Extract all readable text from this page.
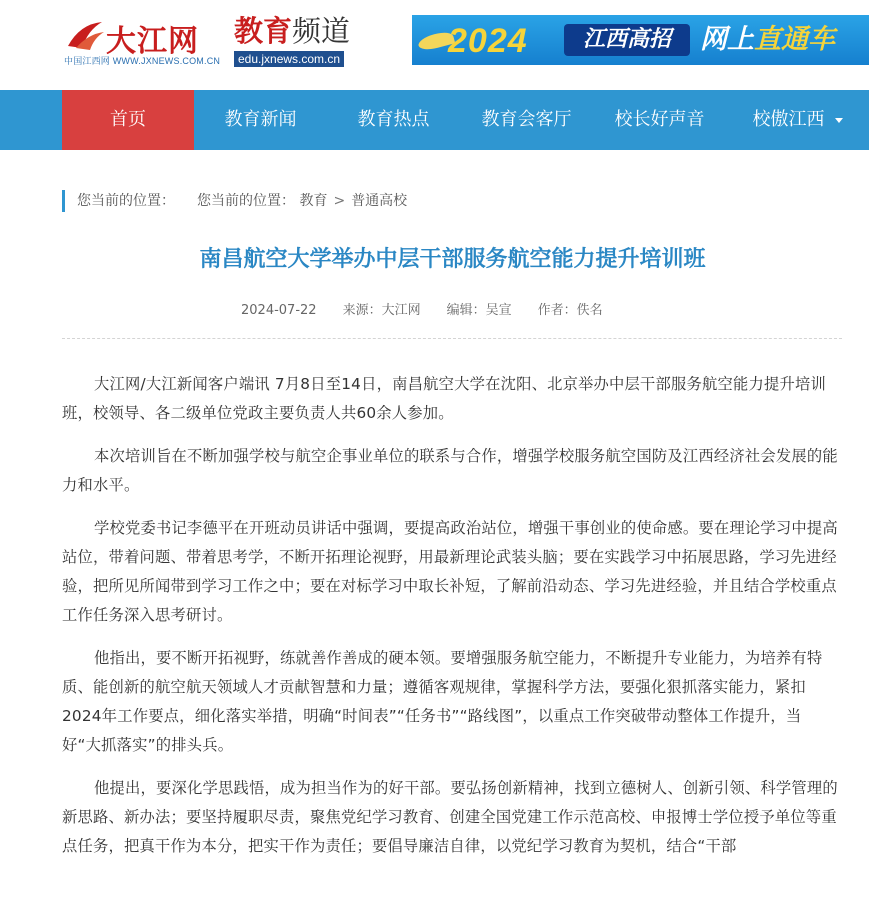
大江网
中国江西网 WWW.JXNEWS.COM.CN
教育频道
edu.jxnews.com.cn	2024	江西高招	网上直通车
首页	教育新闻	教育热点	教育会客厅	校长好声音	校傲江西
您当前的位置： 您当前的位置： 教育 > 普通高校
南昌航空大学举办中层干部服务航空能力提升培训班
2024-07-22 来源：大江网 编辑：吴宣 作者：佚名

大江网/大江新闻客户端讯 7月8日至14日，南昌航空大学在沈阳、北京举办中层干部服务航空能力提升培训班，校领导、各二级单位党政主要负责人共60余人参加。

本次培训旨在不断加强学校与航空企事业单位的联系与合作，增强学校服务航空国防及江西经济社会发展的能力和水平。

学校党委书记李德平在开班动员讲话中强调，要提高政治站位，增强干事创业的使命感。要在理论学习中提高站位，带着问题、带着思考学，不断开拓理论视野，用最新理论武装头脑；要在实践学习中拓展思路，学习先进经验，把所见所闻带到学习工作之中；要在对标学习中取长补短，了解前沿动态、学习先进经验，并且结合学校重点工作任务深入思考研讨。

他指出，要不断开拓视野，练就善作善成的硬本领。要增强服务航空能力，不断提升专业能力，为培养有特质、能创新的航空航天领域人才贡献智慧和力量；遵循客观规律，掌握科学方法，要强化狠抓落实能力，紧扣2024年工作要点，细化落实举措，明确“时间表”“任务书”“路线图”，以重点工作突破带动整体工作提升，当好“大抓落实”的排头兵。

他提出，要深化学思践悟，成为担当作为的好干部。要弘扬创新精神，找到立德树人、创新引领、科学管理的新思路、新办法；要坚持履职尽责，聚焦党纪学习教育、创建全国党建工作示范高校、申报博士学位授予单位等重点任务，把真干作为本分，把实干作为责任；要倡导廉洁自律，以党纪学习教育为契机，结合“干部
